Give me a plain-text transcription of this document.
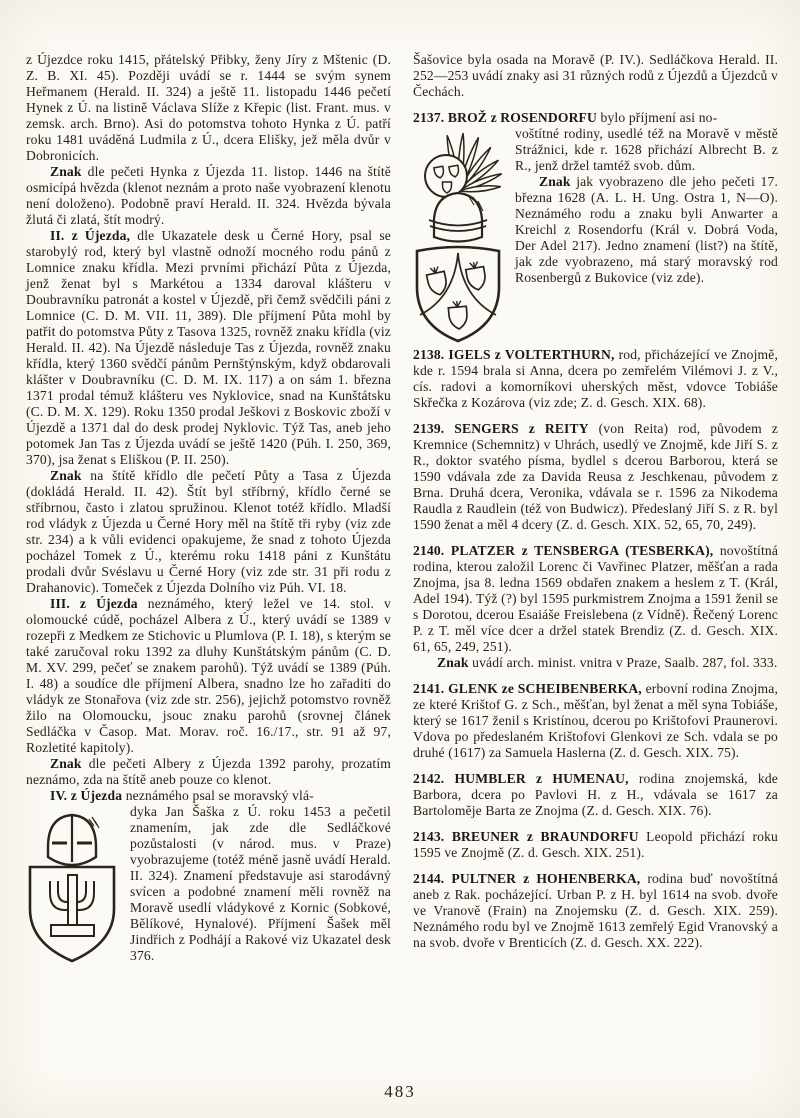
z Újezdce roku 1415, přátelský Přibky, ženy Jíry z Mštenic (D. Z. B. XI. 45). Později uvádí se r. 1444 se svým synem Heřmanem (Herald. II. 324) a ještě 11. listopadu 1446 pečetí Hynek z Ú. na listině Václava Slíže z Křepic (list. Frant. mus. v zemsk. arch. Brno). Asi do potomstva tohoto Hynka z Ú. patří roku 1481 uváděná Ludmila z Ú., dcera Elišky, jež měla dvůr v Dobronicích.

Znak dle pečeti Hynka z Újezda 11. listop. 1446 na štítě osmicípá hvězda (klenot neznám a proto naše vyobrazení klenotu není doloženo). Podobně praví Herald. II. 324. Hvězda bývala žlutá či zlatá, štít modrý.

II. z Újezda, dle Ukazatele desk u Černé Hory, psal se starobylý rod, který byl vlastně odnoží mocného rodu pánů z Lomnice znaku křídla. Mezi prvními přichází Půta z Újezda, jenž ženat byl s Markétou a 1334 daroval klášteru v Doubravníku patronát a kostel v Újezdě, při čemž svědčili páni z Lomnice (C. D. M. VII. 11, 389). Dle příjmení Půta mohl by patřit do potomstva Půty z Tasova 1325, rovněž znaku křídla (viz Herald. II. 42). Na Újezdě následuje Tas z Újezda, rovněž znaku křídla, který 1360 svědčí pánům Pernštýnským, když obdarovali klášter v Doubravníku (C. D. M. IX. 117) a on sám 1. března 1371 prodal témuž klášteru ves Nyklovice, snad na Kunštátsku (C. D. M. X. 129). Roku 1350 prodal Ješkovi z Boskovic zboží v Újezdě a 1371 dal do desk prodej Nyklovic. Týž Tas, aneb jeho potomek Jan Tas z Újezda uvádí se ještě 1420 (Púh. I. 250, 369, 370), jsa ženat s Eliškou (P. II. 250).

Znak na štítě křídlo dle pečetí Půty a Tasa z Újezda (dokládá Herald. II. 42). Štít byl stříbrný, křídlo černé se stříbrnou, často i zlatou spružinou. Klenot totéž křídlo. Mladší rod vládyk z Újezda u Černé Hory měl na štítě tři ryby (viz zde str. 234) a k vůli evidenci opakujeme, že snad z tohoto Újezda pocházel Tomek z Ú., kterému roku 1418 páni z Kunštátu prodali dvůr Svéslavu u Černé Hory (viz zde str. 31 při rodu z Drahanovic). Tomeček z Újezda Dolního viz Púh. VI. 18.

III. z Újezda neznámého, který ležel ve 14. stol. v olomoucké cúdě, pocházel Albera z Ú., který uvádí se 1389 v rozepři z Medkem ze Stichovic u Plumlova (P. I. 18), s kterým se také zaručoval roku 1392 za dluhy Kunštátským pánům (C. D. M. XV. 299, pečeť se znakem parohů). Týž uvádí se 1389 (Púh. I. 48) a soudíce dle příjmení Albera, snadno lze ho zařaditi do vládyk ze Stonařova (viz zde str. 256), jejichž potomstvo rovněž žilo na Olomoucku, jsouc znaku parohů (srovnej článek Sedláčka v Časop. Mat. Morav. roč. 16./17., str. 91 až 97, Rozletité kapitoly).

Znak dle pečeti Albery z Újezda 1392 parohy, prozatím neznámo, zda na štítě aneb pouze co klenot.

IV. z Újezda neznámého psal se moravský vlá-

dyka Jan Šaška z Ú. roku 1453 a pečetil znamením, jak zde dle Sedláčkové pozůstalosti (v národ. mus. v Praze) vyobrazujeme (totéž méně jasně uvádí Herald. II. 324). Znamení představuje asi starodávný svícen a podobné znamení měli rovněž na Moravě usedlí vládykové z Kornic (Sobkové, Bělíkové, Hynalové). Příjmení Šašek měl Jindřich z Podhájí a Rakové viz Ukazatel desk 376.

Šašovice byla osada na Moravě (P. IV.). Sedláčkova Herald. II. 252—253 uvádí znaky asi 31 různých rodů z Újezdů a Újezdců v Čechách.

2137. BROŽ z ROSENDORFU bylo příjmení asi no-

voštítné rodiny, usedlé též na Moravě v městě Strážnici, kde r. 1628 přichází Albrecht B. z R., jenž držel tamtéž svob. dům.

Znak jak vyobrazeno dle jeho pečeti 17. března 1628 (A. L. H. Ung. Ostra 1, N—O). Neznámého rodu a znaku byli Anwarter a Kreichl z Rosendorfu (Král v. Dobrá Voda, Der Adel 217). Jedno znamení (list?) na štítě, jak zde vyobrazeno, má starý moravský rod Rosenbergů z Bukovice (viz zde).

2138. IGELS z VOLTERTHURN, rod, přicházející ve Znojmě, kde r. 1594 brala si Anna, dcera po zemřelém Vilémovi J. z V., cís. radovi a komorníkovi uherských měst, vdovce Tobiáše Skřečka z Kozárova (viz zde; Z. d. Gesch. XIX. 68).

2139. SENGERS z REITY (von Reita) rod, původem z Kremnice (Schemnitz) v Uhrách, usedlý ve Znojmě, kde Jiří S. z R., doktor svatého písma, bydlel s dcerou Barborou, která se 1590 vdávala zde za Davida Reusa z Jeschkenau, původem z Brna. Druhá dcera, Veronika, vdávala se r. 1596 za Nikodema Raudla z Raudlein (též von Budwicz). Předeslaný Jiří S. z R. byl 1590 ženat a měl 4 dcery (Z. d. Gesch. XIX. 52, 65, 70, 249).

2140. PLATZER z TENSBERGA (TESBERKA), novoštítná rodina, kterou založil Lorenc či Vavřinec Platzer, měšťan a rada Znojma, jsa 8. ledna 1569 obdařen znakem a heslem z T. (Král, Adel 194). Týž (?) byl 1595 purkmistrem Znojma a 1591 ženil se s Dorotou, dcerou Esaiáše Freislebena (z Vídně). Řečený Lorenc P. z T. měl více dcer a držel statek Brendiz (Z. d. Gesch. XIX. 61, 65, 249, 251).

Znak uvádí arch. minist. vnitra v Praze, Saalb. 287, fol. 333.

2141. GLENK ze SCHEIBENBERKA, erbovní rodina Znojma, ze které Krištof G. z Sch., měšťan, byl ženat a měl syna Tobiáše, který se 1617 ženil s Kristínou, dcerou po Krištofovi Praunerovi. Vdova po předeslaném Krištofovi Glenkovi ze Sch. vdala se po druhé (1617) za Samuela Haslerna (Z. d. Gesch. XIX. 75).

2142. HUMBLER z HUMENAU, rodina znojemská, kde Barbora, dcera po Pavlovi H. z H., vdávala se 1617 za Bartoloměje Barta ze Znojma (Z. d. Gesch. XIX. 76).

2143. BREUNER z BRAUNDORFU Leopold přichází roku 1595 ve Znojmě (Z. d. Gesch. XIX. 251).

2144. PULTNER z HOHENBERKA, rodina buď novoštítná aneb z Rak. pocházející. Urban P. z H. byl 1614 na svob. dvoře ve Vranově (Frain) na Znojemsku (Z. d. Gesch. XIX. 259). Neznámého rodu byl ve Znojmě 1613 zemřelý Egid Vranovský a na svob. dvoře v Brenticích (Z. d. Gesch. XX. 222).

483
